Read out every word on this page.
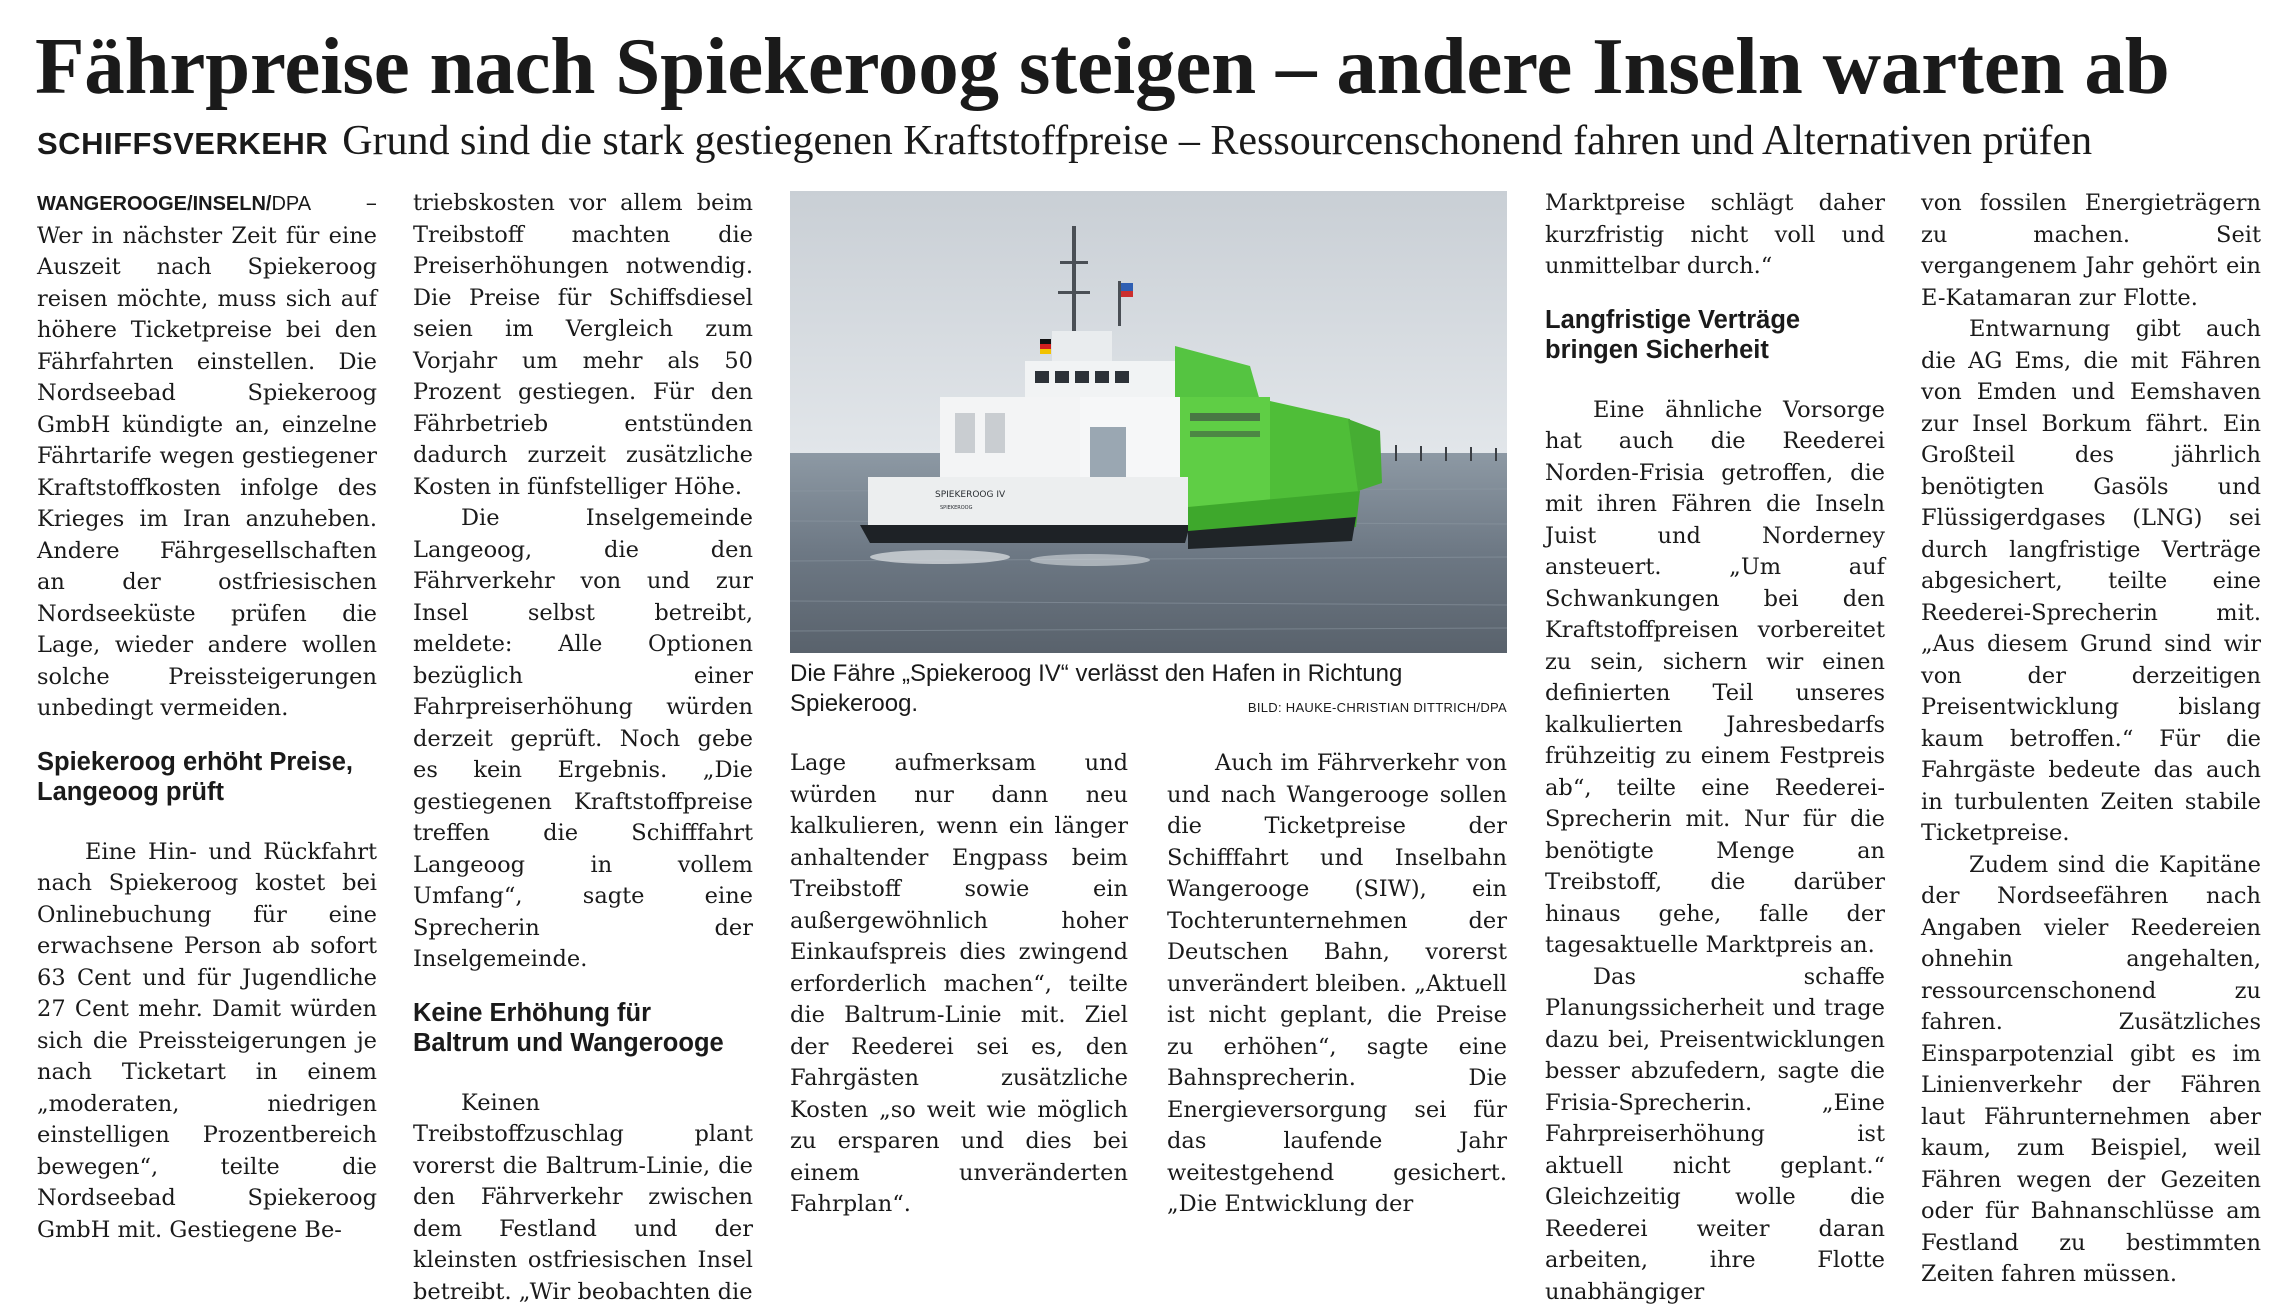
Fährpreise nach Spiekeroog steigen – andere Inseln warten ab
SCHIFFSVERKEHR Grund sind die stark gestiegenen Kraftstoffpreise – Ressourcenschonend fahren und Alternativen prüfen

WANGEROOGE/INSELN/DPA – Wer in nächster Zeit für eine Auszeit nach Spiekeroog reisen möchte, muss sich auf höhere Ticketpreise bei den Fährfahrten einstellen. Die Nordseebad Spiekeroog GmbH kündigte an, einzelne Fährtarife wegen gestiegener Kraftstoffkosten infolge des Krieges im Iran anzuheben. Andere Fährgesellschaften an der ostfriesischen Nordseeküste prüfen die Lage, wieder andere wollen solche Preissteigerungen unbedingt vermeiden.

Spiekeroog erhöht Preise, Langeoog prüft

Eine Hin- und Rückfahrt nach Spiekeroog kostet bei Onlinebuchung für eine erwachsene Person ab sofort 63 Cent und für Jugendliche 27 Cent mehr. Damit würden sich die Preissteigerungen je nach Ticketart in einem „moderaten, niedrigen einstelligen Prozentbereich bewegen“, teilte die Nordseebad Spiekeroog GmbH mit. Gestiegene Be-

triebskosten vor allem beim Treibstoff machten die Preiserhöhungen notwendig. Die Preise für Schiffsdiesel seien im Vergleich zum Vorjahr um mehr als 50 Prozent gestiegen. Für den Fährbetrieb entstünden dadurch zurzeit zusätzliche Kosten in fünfstelliger Höhe.

Die Inselgemeinde Langeoog, die den Fährverkehr von und zur Insel selbst betreibt, meldete: Alle Optionen bezüglich einer Fahrpreiserhöhung würden derzeit geprüft. Noch gebe es kein Ergebnis. „Die gestiegenen Kraftstoffpreise treffen die Schifffahrt Langeoog in vollem Umfang“, sagte eine Sprecherin der Inselgemeinde.

Keine Erhöhung für Baltrum und Wangerooge

Keinen Treibstoffzuschlag plant vorerst die Baltrum-Linie, die den Fährverkehr zwischen dem Festland und der kleinsten ostfriesischen Insel betreibt. „Wir beobachten die

SPIEKEROOG IV
SPIEKEROOG
Die Fähre „Spiekeroog IV“ verlässt den Hafen in Richtung Spiekeroog.	BILD: HAUKE-CHRISTIAN DITTRICH/DPA

Lage aufmerksam und würden nur dann neu kalkulieren, wenn ein länger anhaltender Engpass beim Treibstoff sowie ein außergewöhnlich hoher Einkaufspreis dies zwingend erforderlich machen“, teilte die Baltrum-Linie mit. Ziel der Reederei sei es, den Fahrgästen zusätzliche Kosten „so weit wie möglich zu ersparen und dies bei einem unveränderten Fahrplan“.

Auch im Fährverkehr von und nach Wangerooge sollen die Ticketpreise der Schifffahrt und Inselbahn Wangerooge (SIW), ein Tochterunternehmen der Deutschen Bahn, vorerst unverändert bleiben. „Aktuell ist nicht geplant, die Preise zu erhöhen“, sagte eine Bahnsprecherin. Die Energieversorgung sei für das laufende Jahr weitestgehend gesichert. „Die Entwicklung der

Marktpreise schlägt daher kurzfristig nicht voll und unmittelbar durch.“

Langfristige Verträge bringen Sicherheit

Eine ähnliche Vorsorge hat auch die Reederei Norden-Frisia getroffen, die mit ihren Fähren die Inseln Juist und Norderney ansteuert. „Um auf Schwankungen bei den Kraftstoffpreisen vorbereitet zu sein, sichern wir einen definierten Teil unseres kalkulierten Jahresbedarfs frühzeitig zu einem Festpreis ab“, teilte eine Reederei-Sprecherin mit. Nur für die benötigte Menge an Treibstoff, die darüber hinaus gehe, falle der tagesaktuelle Marktpreis an.

Das schaffe Planungssicherheit und trage dazu bei, Preisentwicklungen besser abzufedern, sagte die Frisia-Sprecherin. „Eine Fahrpreiserhöhung ist aktuell nicht geplant.“ Gleichzeitig wolle die Reederei weiter daran arbeiten, ihre Flotte unabhängiger

von fossilen Energieträgern zu machen. Seit vergangenem Jahr gehört ein E-Katamaran zur Flotte.

Entwarnung gibt auch die AG Ems, die mit Fähren von Emden und Eemshaven zur Insel Borkum fährt. Ein Großteil des jährlich benötigten Gasöls und Flüssigerdgases (LNG) sei durch langfristige Verträge abgesichert, teilte eine Reederei-Sprecherin mit. „Aus diesem Grund sind wir von der derzeitigen Preisentwicklung bislang kaum betroffen.“ Für die Fahrgäste bedeute das auch in turbulenten Zeiten stabile Ticketpreise.

Zudem sind die Kapitäne der Nordseefähren nach Angaben vieler Reedereien ohnehin angehalten, ressourcenschonend zu fahren. Zusätzliches Einsparpotenzial gibt es im Linienverkehr der Fähren laut Fährunternehmen aber kaum, zum Beispiel, weil Fähren wegen der Gezeiten oder für Bahnanschlüsse am Festland zu bestimmten Zeiten fahren müssen.
